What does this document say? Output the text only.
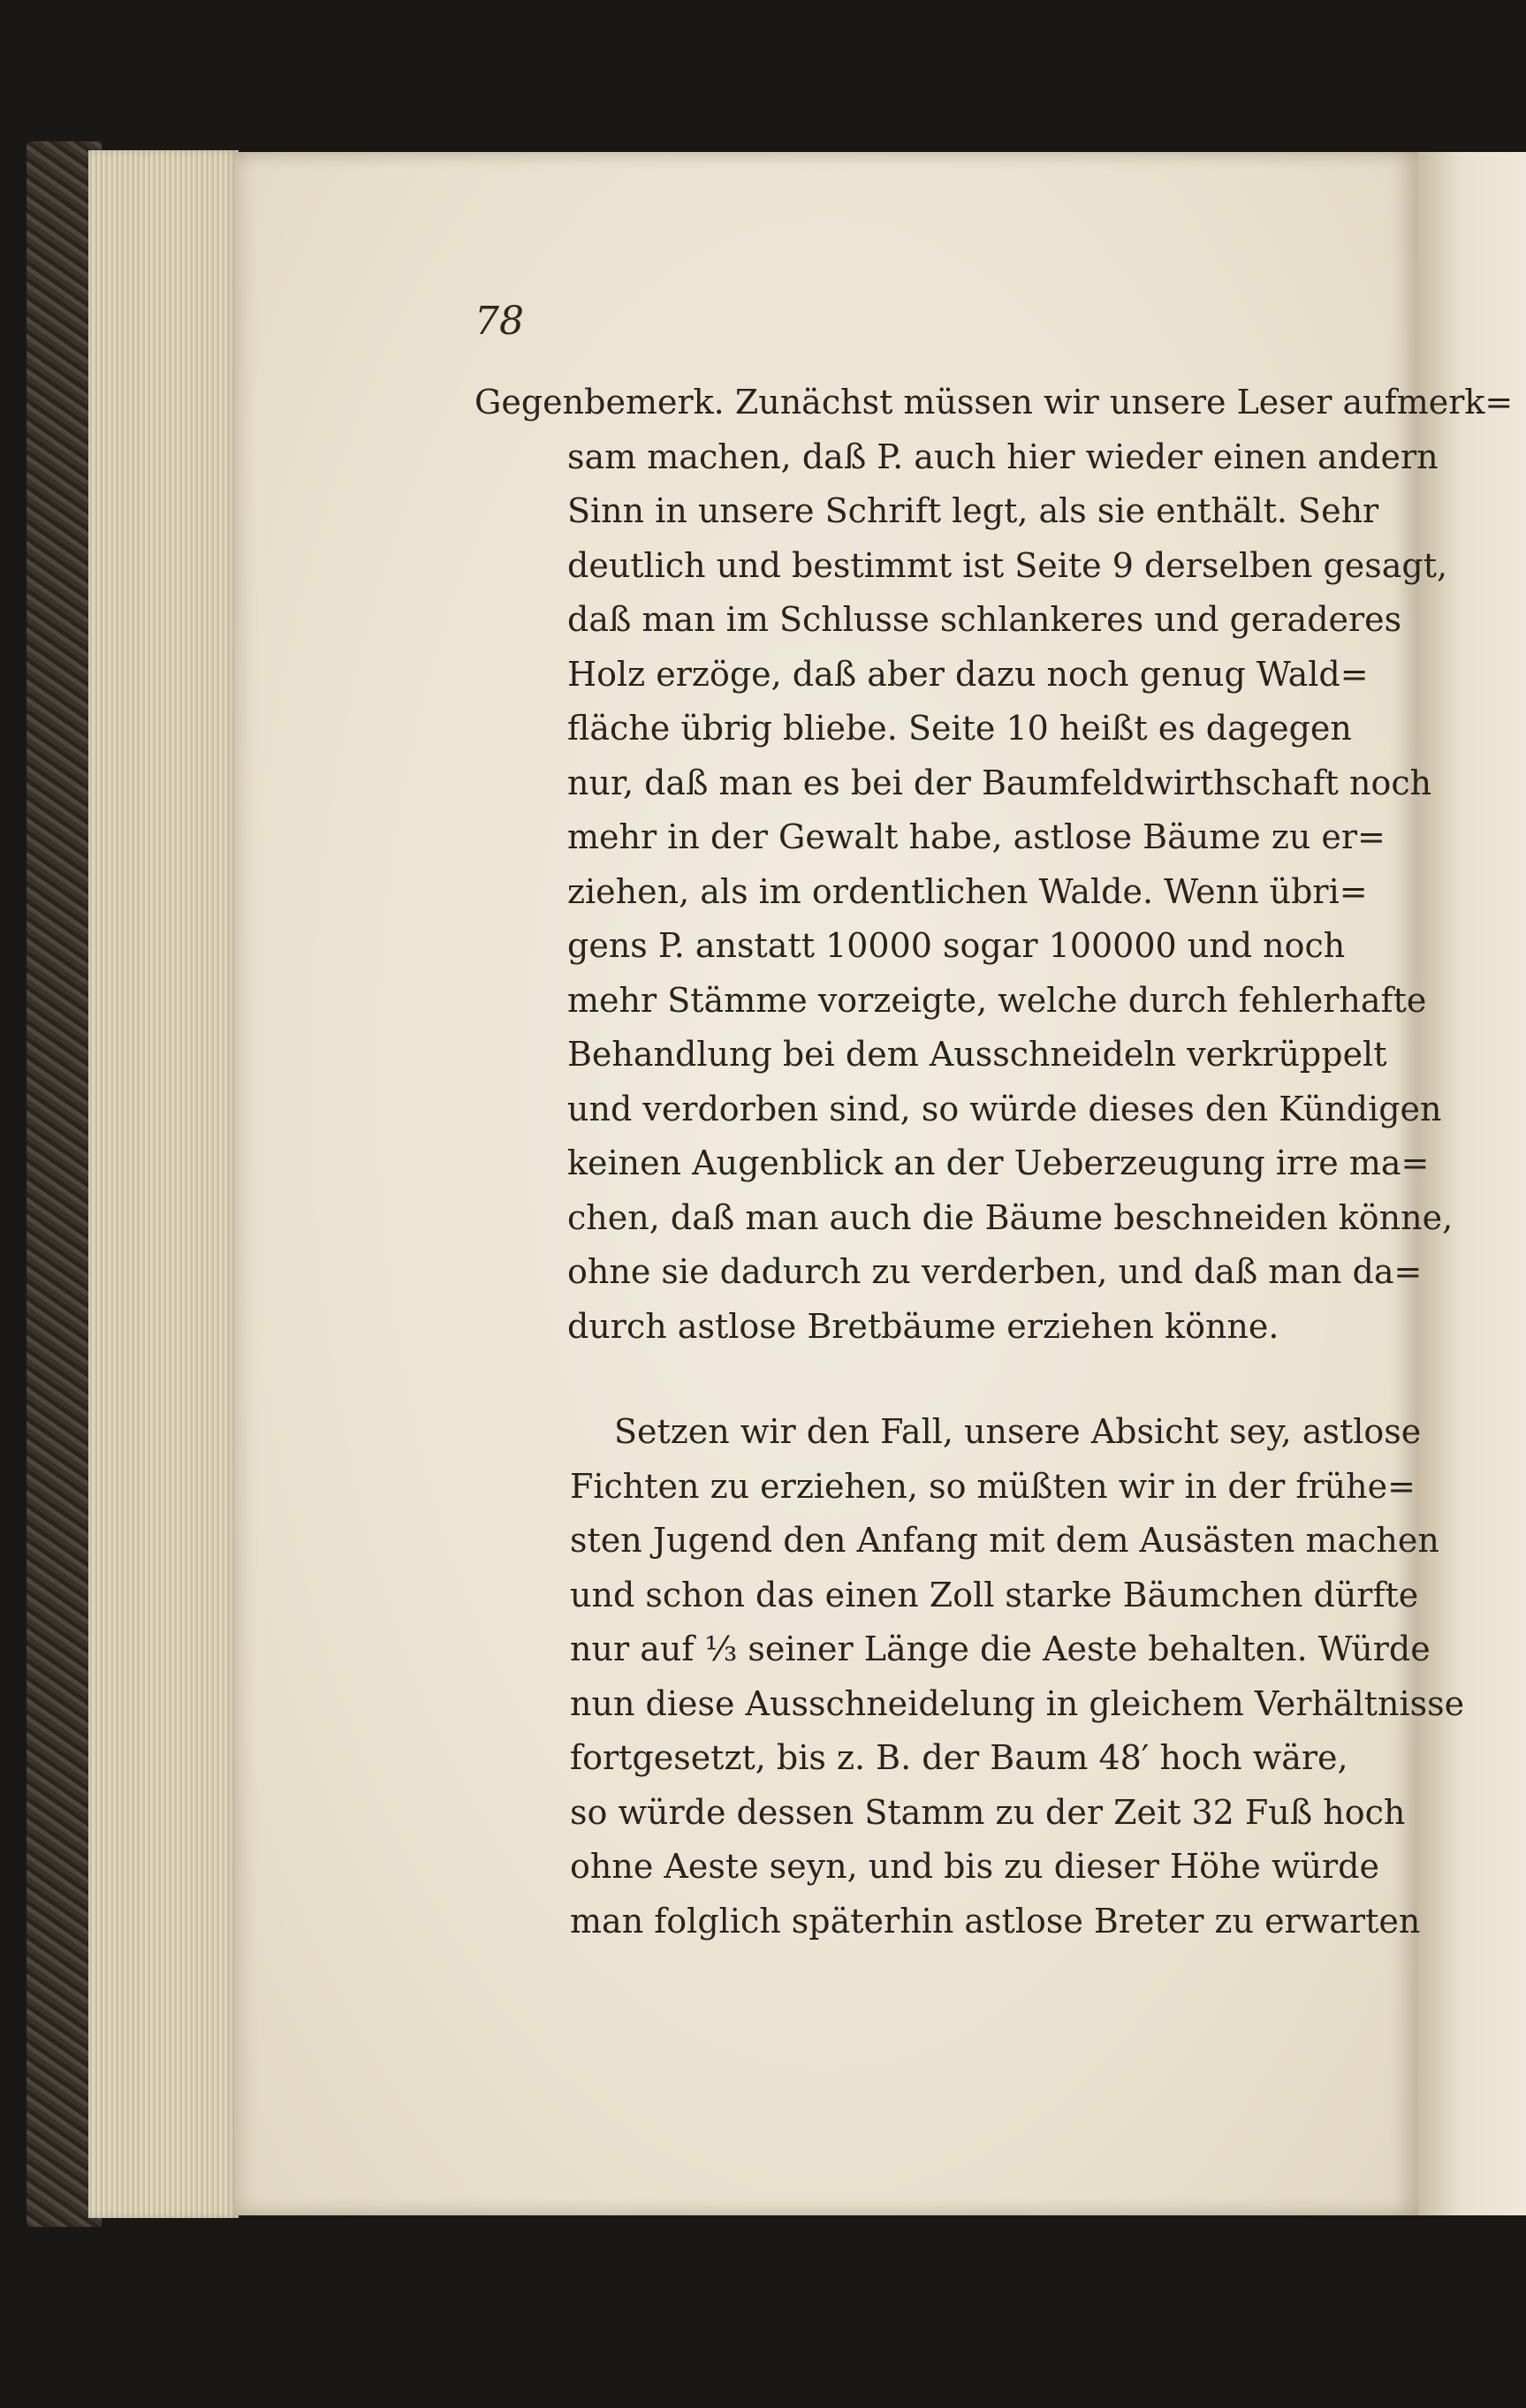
78
Gegenbemerk. Zunächst müssen wir unsere Leser aufmerk=
sam machen, daß P. auch hier wieder einen andern
Sinn in unsere Schrift legt, als sie enthält. Sehr
deutlich und bestimmt ist Seite 9 derselben gesagt,
daß man im Schlusse schlankeres und geraderes
Holz erzöge, daß aber dazu noch genug Wald=
fläche übrig bliebe. Seite 10 heißt es dagegen
nur, daß man es bei der Baumfeldwirthschaft noch
mehr in der Gewalt habe, astlose Bäume zu er=
ziehen, als im ordentlichen Walde. Wenn übri=
gens P. anstatt 10000 sogar 100000 und noch
mehr Stämme vorzeigte, welche durch fehlerhafte
Behandlung bei dem Ausschneideln verkrüppelt
und verdorben sind, so würde dieses den Kündigen
keinen Augenblick an der Ueberzeugung irre ma=
chen, daß man auch die Bäume beschneiden könne,
ohne sie dadurch zu verderben, und daß man da=
durch astlose Bretbäume erziehen könne.
Setzen wir den Fall, unsere Absicht sey, astlose
Fichten zu erziehen, so müßten wir in der frühe=
sten Jugend den Anfang mit dem Ausästen machen
und schon das einen Zoll starke Bäumchen dürfte
nur auf ⅓ seiner Länge die Aeste behalten. Würde
nun diese Ausschneidelung in gleichem Verhältnisse
fortgesetzt, bis z. B. der Baum 48′ hoch wäre,
so würde dessen Stamm zu der Zeit 32 Fuß hoch
ohne Aeste seyn, und bis zu dieser Höhe würde
man folglich späterhin astlose Breter zu erwarten
